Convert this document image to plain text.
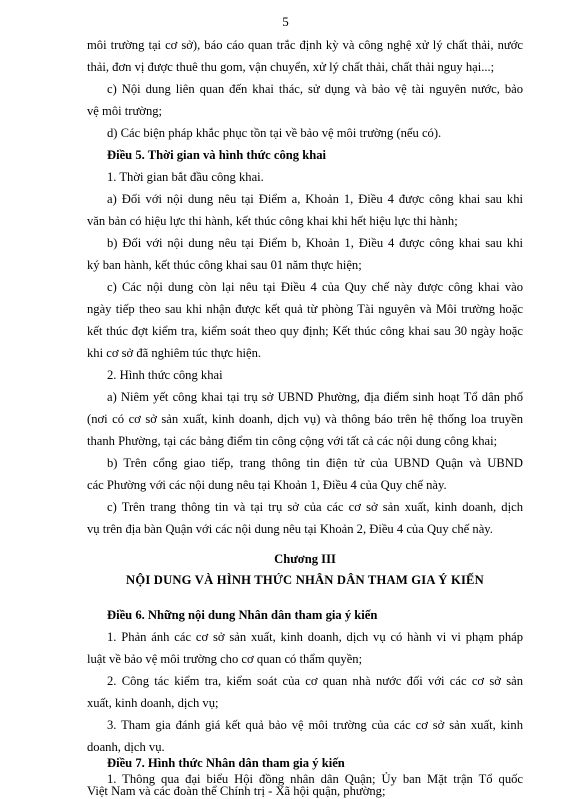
5
môi trường tại cơ sở), báo cáo quan trắc định kỳ và công nghệ xử lý chất thải, nước
thải, đơn vị được thuê thu gom, vận chuyển, xử lý chất thải, chất thải nguy hại...;
c) Nội dung liên quan đến khai thác, sử dụng và bảo vệ tài nguyên nước, bảo
vệ môi trường;
d) Các biện pháp khắc phục tồn tại về bảo vệ môi trường (nếu có).
Điều 5. Thời gian và hình thức công khai
1. Thời gian bắt đầu công khai.
a) Đối với nội dung nêu tại Điểm a, Khoản 1, Điều 4 được công khai sau khi
văn bản có hiệu lực thi hành, kết thúc công khai khi hết hiệu lực thi hành;
b) Đối với nội dung nêu tại Điểm b, Khoản 1, Điều 4 được công khai sau khi
ký ban hành, kết thúc công khai sau 01 năm thực hiện;
c) Các nội dung còn lại nêu tại Điều 4 của Quy chế này được công khai vào
ngày tiếp theo sau khi nhận được kết quả từ phòng Tài nguyên và Môi trường hoặc
kết thúc đợt kiểm tra, kiểm soát theo quy định; Kết thúc công khai sau 30 ngày hoặc
khi cơ sở đã nghiêm túc thực hiện.
2. Hình thức công khai
a) Niêm yết công khai tại trụ sở UBND Phường, địa điểm sinh hoạt Tổ dân phố
(nơi có cơ sở sản xuất, kinh doanh, dịch vụ) và thông báo trên hệ thống loa truyền
thanh Phường, tại các bảng điểm tin công cộng với tất cả các nội dung công khai;
b) Trên cổng giao tiếp, trang thông tin điện tử của UBND Quận và UBND
các Phường với các nội dung nêu tại Khoản 1, Điều 4 của Quy chế này.
c) Trên trang thông tin và tại trụ sở của các cơ sở sản xuất, kinh doanh, dịch
vụ trên địa bàn Quận với các nội dung nêu tại Khoản 2, Điều 4 của Quy chế này.
Chương III
NỘI DUNG VÀ HÌNH THỨC NHÂN DÂN THAM GIA Ý KIẾN
Điều 6. Những nội dung Nhân dân tham gia ý kiến
1. Phản ánh các cơ sở sản xuất, kinh doanh, dịch vụ có hành vi vi phạm pháp
luật về bảo vệ môi trường cho cơ quan có thẩm quyền;
2. Công tác kiểm tra, kiểm soát của cơ quan nhà nước đối với các cơ sở sản
xuất, kinh doanh, dịch vụ;
3. Tham gia đánh giá kết quả bảo vệ môi trường của các cơ sở sản xuất, kinh
doanh, dịch vụ.
Điều 7. Hình thức Nhân dân tham gia ý kiến
1. Thông qua đại biểu Hội đồng nhân dân Quận; Ủy ban Mặt trận Tổ quốc
Việt Nam và các đoàn thể Chính trị - Xã hội quận, phường;
